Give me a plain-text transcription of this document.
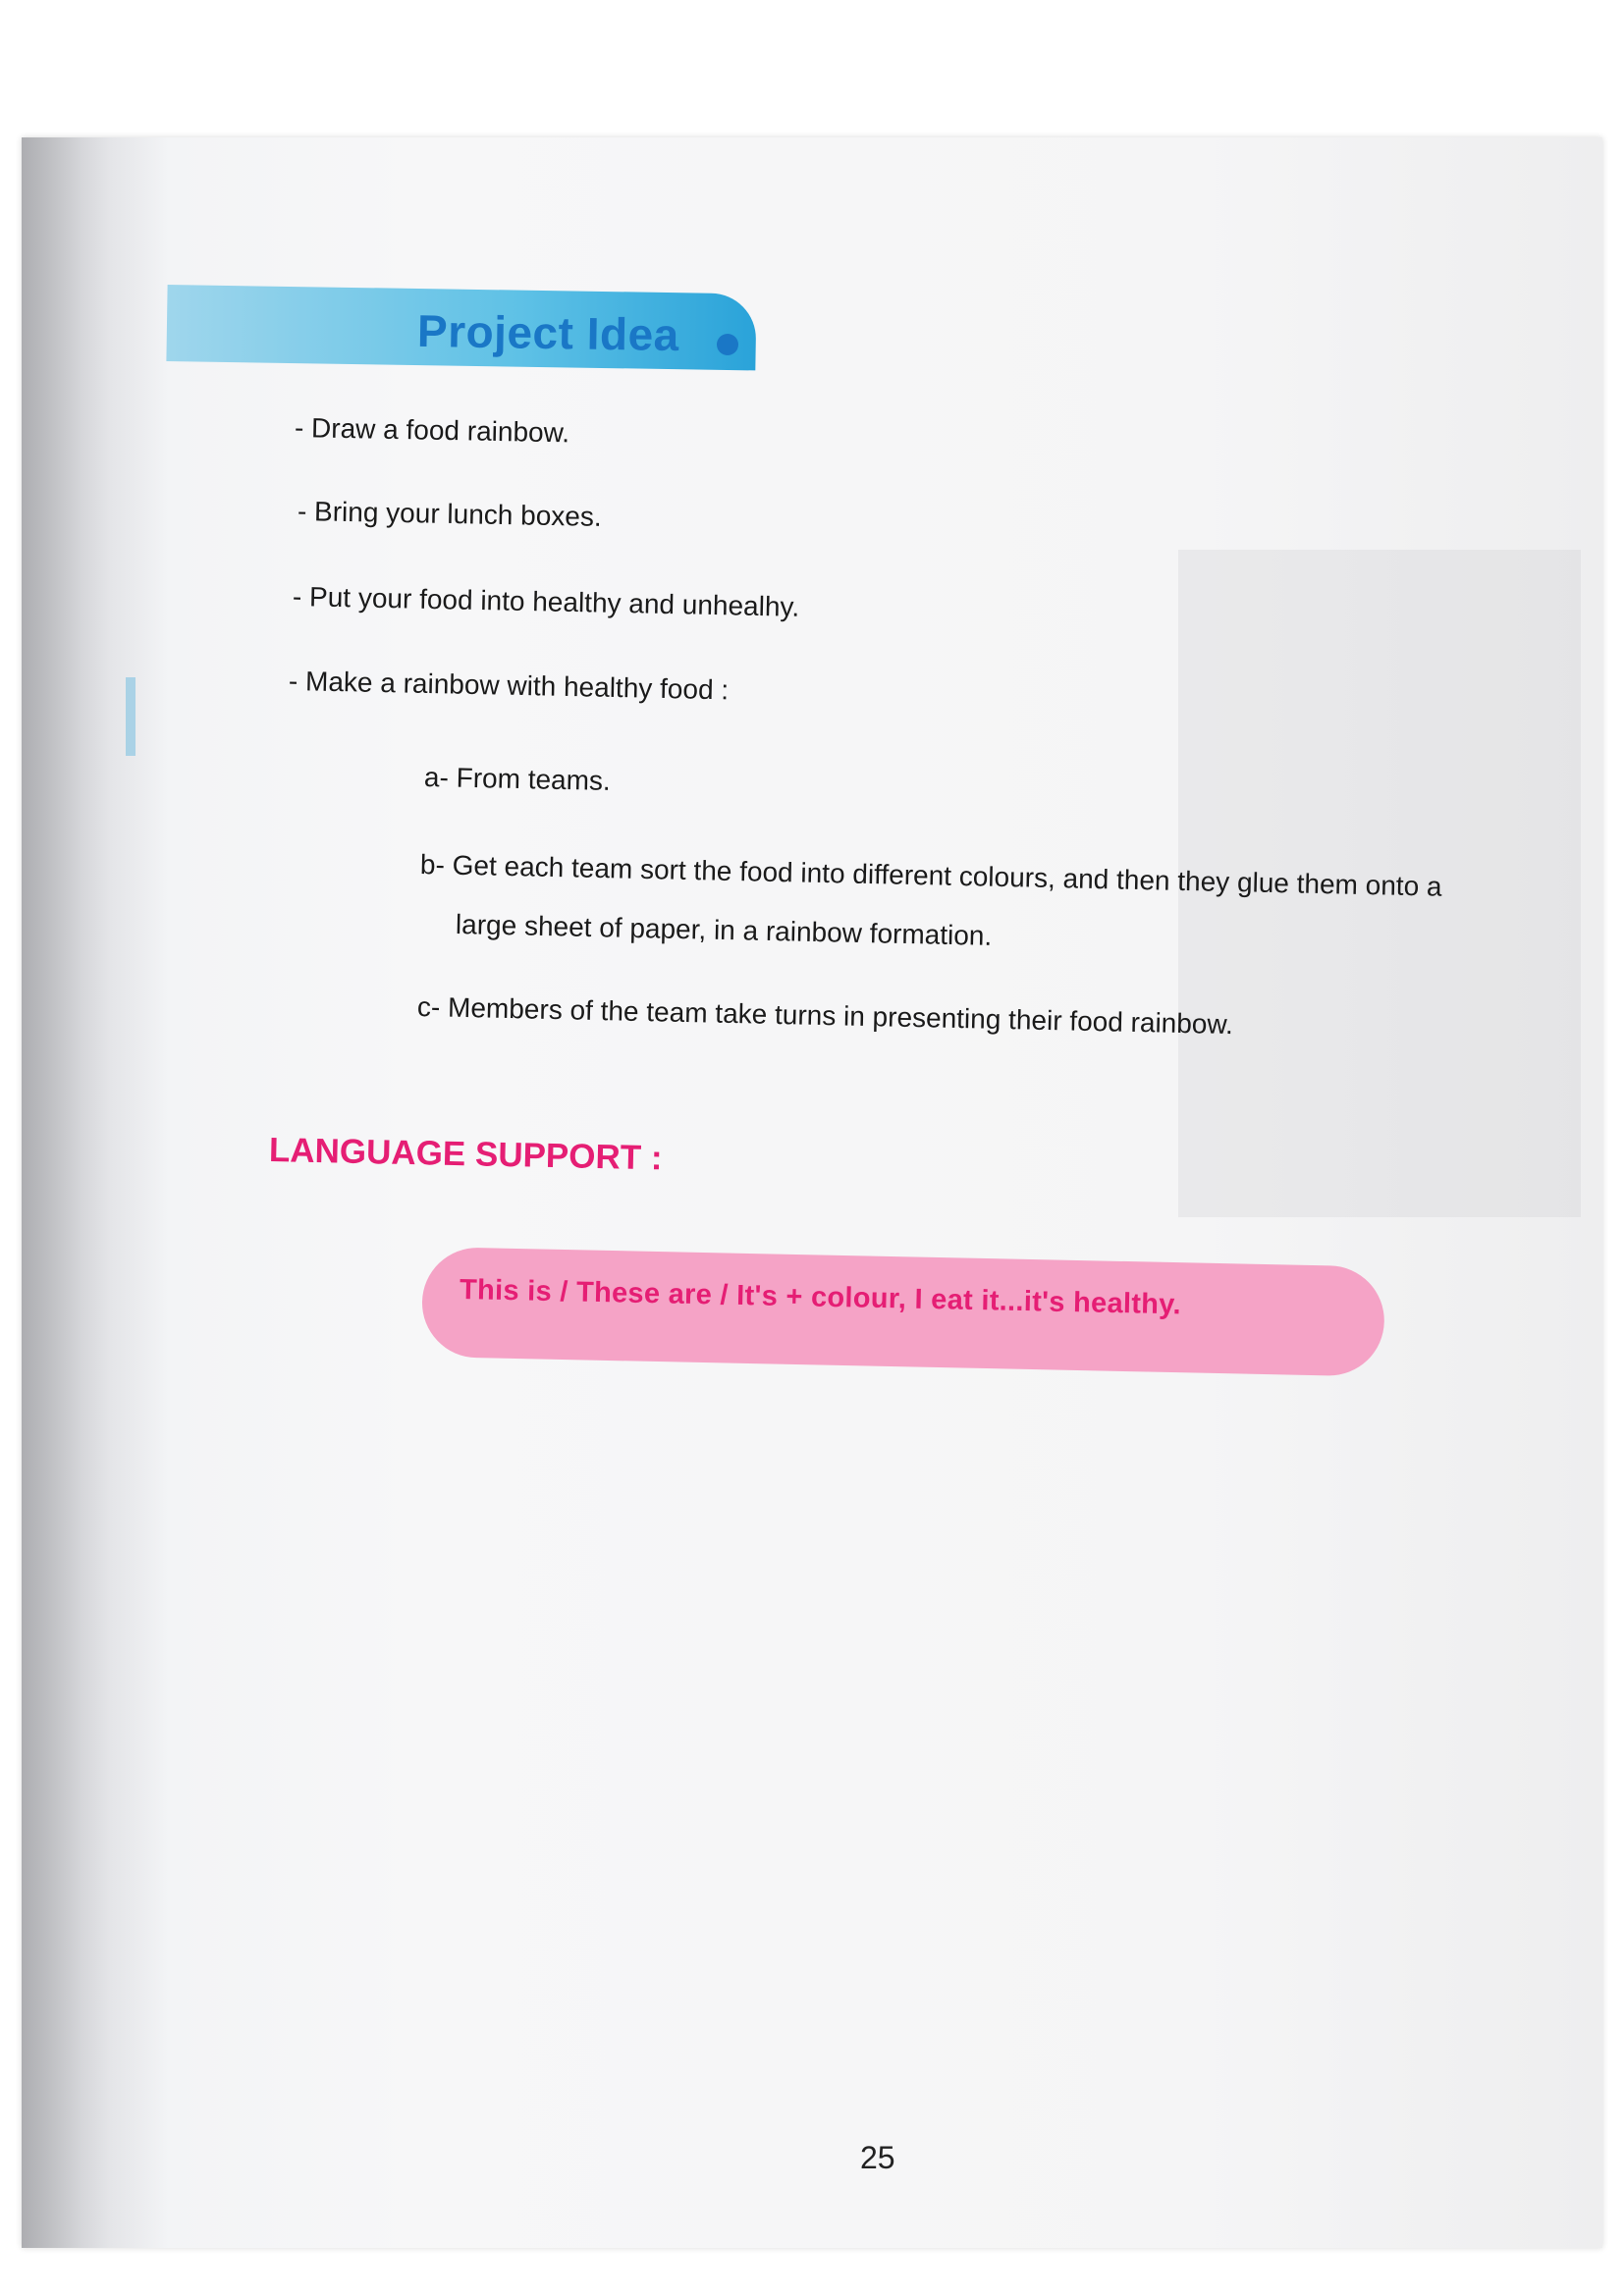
Project Idea
- Draw a food rainbow.
- Bring your lunch boxes.
- Put your food into healthy and unhealhy.
- Make a rainbow with healthy food :
a- From teams.
b- Get each team sort the food into different colours, and then they glue them onto a
large sheet of paper, in a rainbow formation.
c- Members of the team take turns in presenting their food rainbow.
LANGUAGE SUPPORT :
This is / These are / It's + colour, I eat it...it's healthy.
25
